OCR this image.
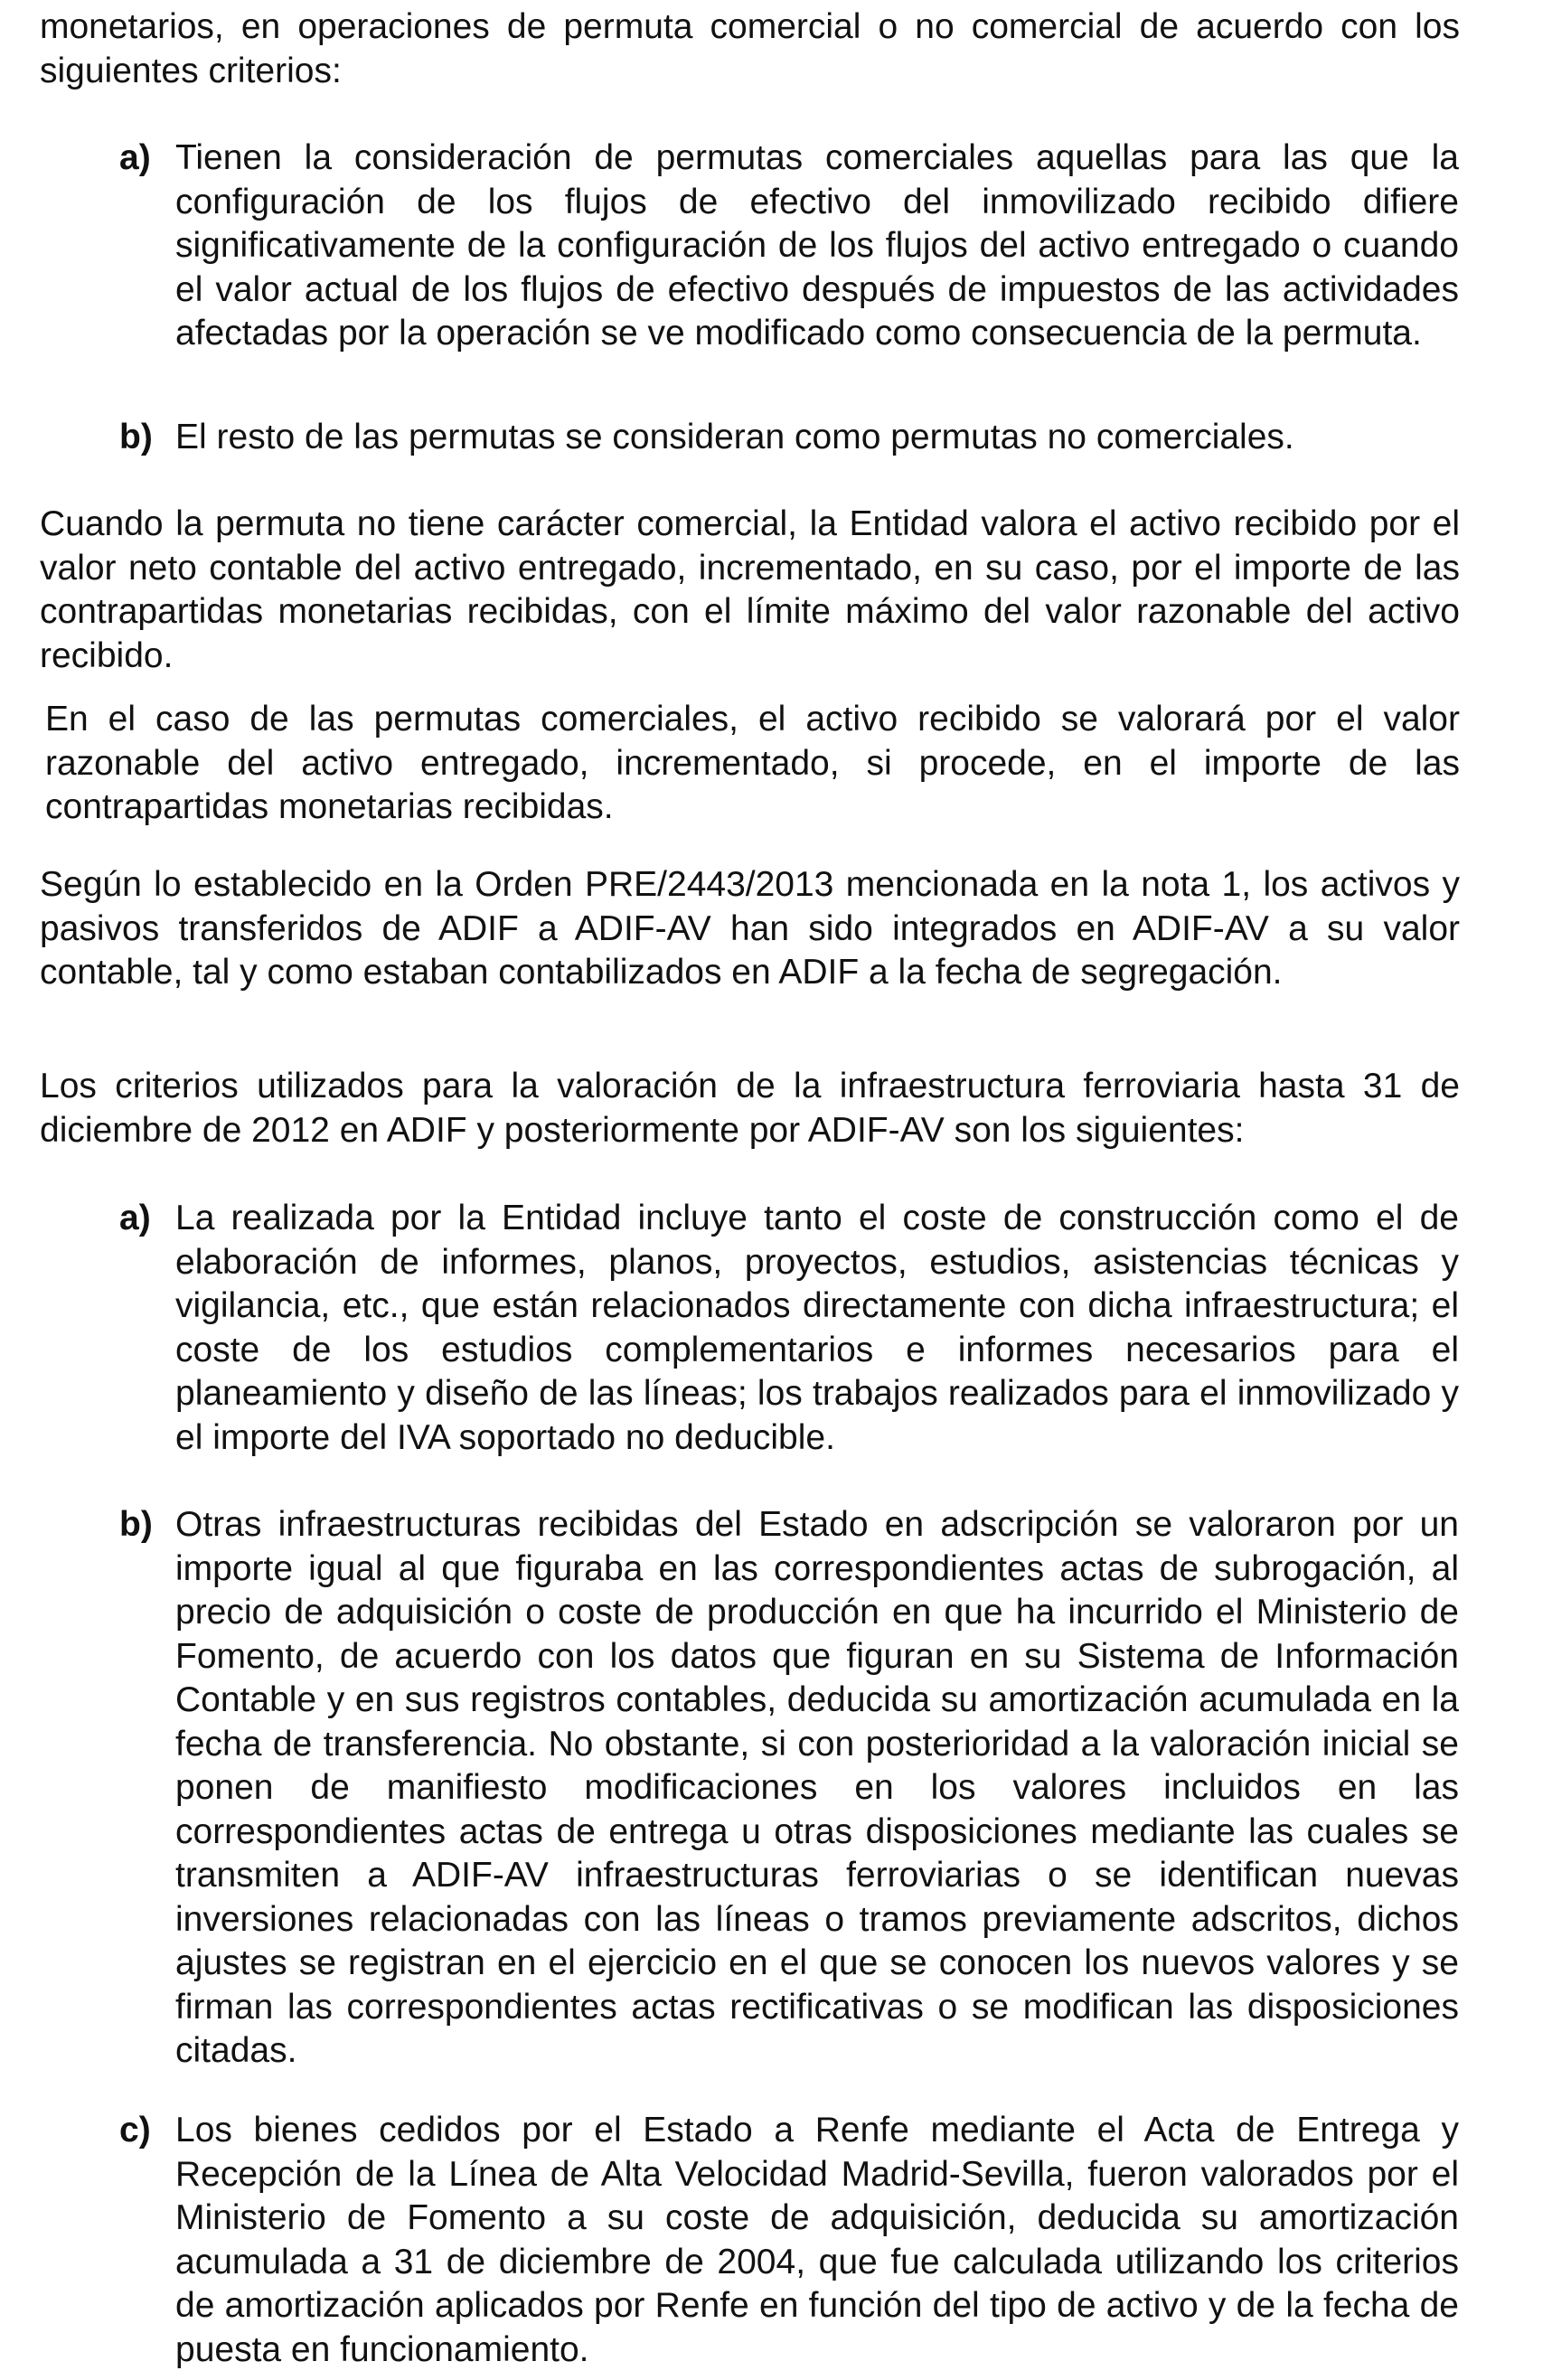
monetarios, en operaciones de permuta comercial o no comercial de acuerdo con los siguientes criterios:

a) Tienen la consideración de permutas comerciales aquellas para las que la configuración de los flujos de efectivo del inmovilizado recibido difiere significativamente de la configuración de los flujos del activo entregado o cuando el valor actual de los flujos de efectivo después de impuestos de las actividades afectadas por la operación se ve modificado como consecuencia de la permuta.
b) El resto de las permutas se consideran como permutas no comerciales.

Cuando la permuta no tiene carácter comercial, la Entidad valora el activo recibido por el valor neto contable del activo entregado, incrementado, en su caso, por el importe de las contrapartidas monetarias recibidas, con el límite máximo del valor razonable del activo recibido.

En el caso de las permutas comerciales, el activo recibido se valorará por el valor razonable del activo entregado, incrementado, si procede, en el importe de las contrapartidas monetarias recibidas.

Según lo establecido en la Orden PRE/2443/2013 mencionada en la nota 1, los activos y pasivos transferidos de ADIF a ADIF-AV han sido integrados en ADIF-AV a su valor contable, tal y como estaban contabilizados en ADIF a la fecha de segregación.

Los criterios utilizados para la valoración de la infraestructura ferroviaria hasta 31 de diciembre de 2012 en ADIF y posteriormente por ADIF-AV son los siguientes:

a) La realizada por la Entidad incluye tanto el coste de construcción como el de elaboración de informes, planos, proyectos, estudios, asistencias técnicas y vigilancia, etc., que están relacionados directamente con dicha infraestructura; el coste de los estudios complementarios e informes necesarios para el planeamiento y diseño de las líneas; los trabajos realizados para el inmovilizado y el importe del IVA soportado no deducible.
b) Otras infraestructuras recibidas del Estado en adscripción se valoraron por un importe igual al que figuraba en las correspondientes actas de subrogación, al precio de adquisición o coste de producción en que ha incurrido el Ministerio de Fomento, de acuerdo con los datos que figuran en su Sistema de Información Contable y en sus registros contables, deducida su amortización acumulada en la fecha de transferencia. No obstante, si con posterioridad a la valoración inicial se ponen de manifiesto modificaciones en los valores incluidos en las correspondientes actas de entrega u otras disposiciones mediante las cuales se transmiten a ADIF-AV infraestructuras ferroviarias o se identifican nuevas inversiones relacionadas con las líneas o tramos previamente adscritos, dichos ajustes se registran en el ejercicio en el que se conocen los nuevos valores y se firman las correspondientes actas rectificativas o se modifican las disposiciones citadas.
c) Los bienes cedidos por el Estado a Renfe mediante el Acta de Entrega y Recepción de la Línea de Alta Velocidad Madrid-Sevilla, fueron valorados por el Ministerio de Fomento a su coste de adquisición, deducida su amortización acumulada a 31 de diciembre de 2004, que fue calculada utilizando los criterios de amortización aplicados por Renfe en función del tipo de activo y de la fecha de puesta en funcionamiento.
